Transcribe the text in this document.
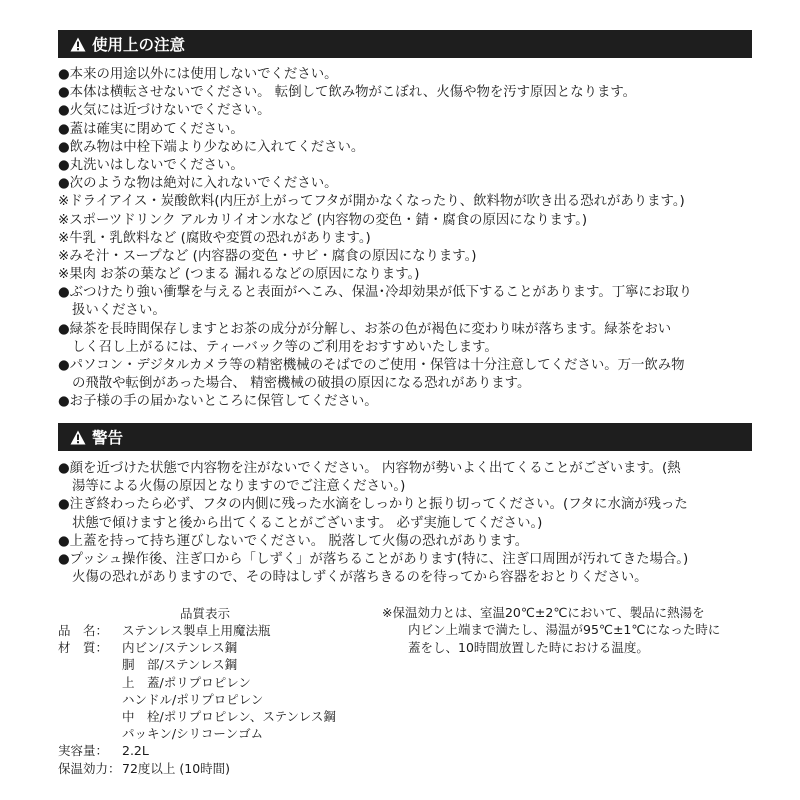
使用上の注意
●本来の用途以外には使用しないでください。
●本体は横転させないでください。 転倒して飲み物がこぼれ、火傷や物を汚す原因となります。
●火気には近づけないでください。
●蓋は確実に閉めてください。
●飲み物は中栓下端より少なめに入れてください。
●丸洗いはしないでください。
●次のような物は絶対に入れないでください。
※ドライアイス・炭酸飲料(内圧が上がってフタが開かなくなったり、飲料物が吹き出る恐れがあります。)
※スポーツドリンク アルカリイオン水など (内容物の変色・錆・腐食の原因になります。)
※牛乳・乳飲料など (腐敗や変質の恐れがあります。)
※みそ汁・スープなど (内容器の変色・サビ・腐食の原因になります。)
※果肉 お茶の葉など (つまる 漏れるなどの原因になります。)
●ぶつけたり強い衝撃を与えると表面がへこみ、保温･冷却効果が低下することがあります。丁寧にお取り
扱いください。
●緑茶を長時間保存しますとお茶の成分が分解し、お茶の色が褐色に変わり味が落ちます。緑茶をおい
しく召し上がるには、ティーバック等のご利用をおすすめいたします。
●パソコン・デジタルカメラ等の精密機械のそばでのご使用・保管は十分注意してください。万一飲み物
の飛散や転倒があった場合、 精密機械の破損の原因になる恐れがあります。
●お子様の手の届かないところに保管してください。
警告
●顔を近づけた状態で内容物を注がないでください。 内容物が勢いよく出てくることがございます。(熱
湯等による火傷の原因となりますのでご注意ください。)
●注ぎ終わったら必ず、フタの内側に残った水滴をしっかりと振り切ってください。(フタに水滴が残った
状態で傾けますと後から出てくることがございます。 必ず実施してください。)
●上蓋を持って持ち運びしないでください。 脱落して火傷の恐れがあります。
●プッシュ操作後、注ぎ口から「しずく」が落ちることがあります(特に、注ぎ口周囲が汚れてきた場合。)
火傷の恐れがありますので、その時はしずくが落ちきるのを待ってから容器をおとりください。
品質表示
品　名：	ステンレス製卓上用魔法瓶
材　質：	内ビン/ステンレス鋼
胴　部/ステンレス鋼
上　蓋/ポリプロピレン
ハンドル/ポリプロピレン
中　栓/ポリプロピレン、ステンレス鋼
パッキン/シリコーンゴム
実容量：	2.2L
保温効力： 72度以上 (10時間)
※保温効力とは、室温20℃±2℃において、製品に熱湯を
内ビン上端まで満たし、湯温が95℃±1℃になった時に
蓋をし、10時間放置した時における温度。
